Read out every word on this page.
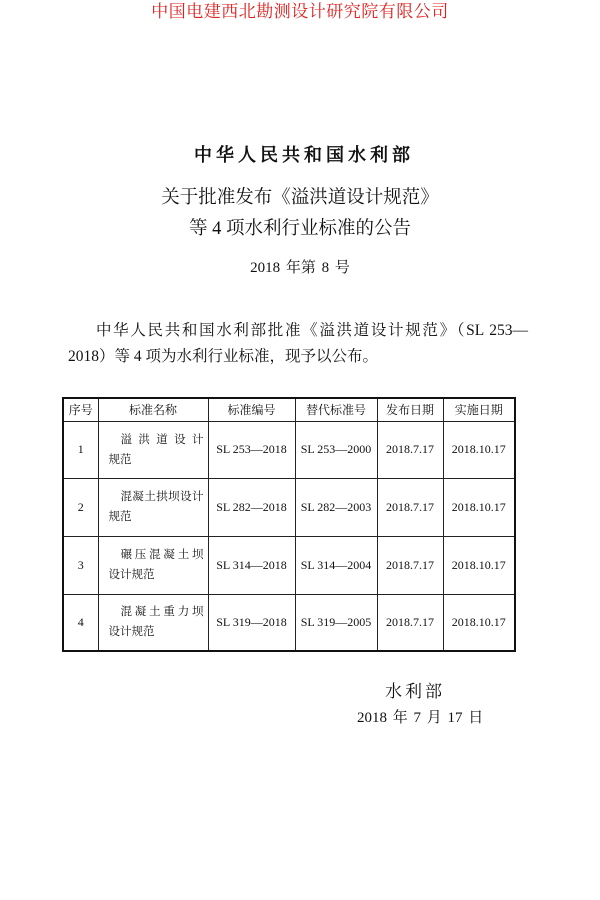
中国电建西北勘测设计研究院有限公司
中华人民共和国水利部
关于批准发布《溢洪道设计规范》
等 4 项水利行业标准的公告
2018 年第 8 号
中华人民共和国水利部批准《溢洪道设计规范》（SL 253—
2018）等 4 项为水利行业标准，现予以公布。
序号	标准名称	标准编号	替代标准号	发布日期	实施日期
1	溢洪道设计
规范	SL 253—2018	SL 253—2000	2018.7.17	2018.10.17
2	混凝土拱坝设计
规范	SL 282—2018	SL 282—2003	2018.7.17	2018.10.17
3	碾压混凝土坝
设计规范	SL 314—2018	SL 314—2004	2018.7.17	2018.10.17
4	混凝土重力坝
设计规范	SL 319—2018	SL 319—2005	2018.7.17	2018.10.17
水利部
2018 年 7 月 17 日
